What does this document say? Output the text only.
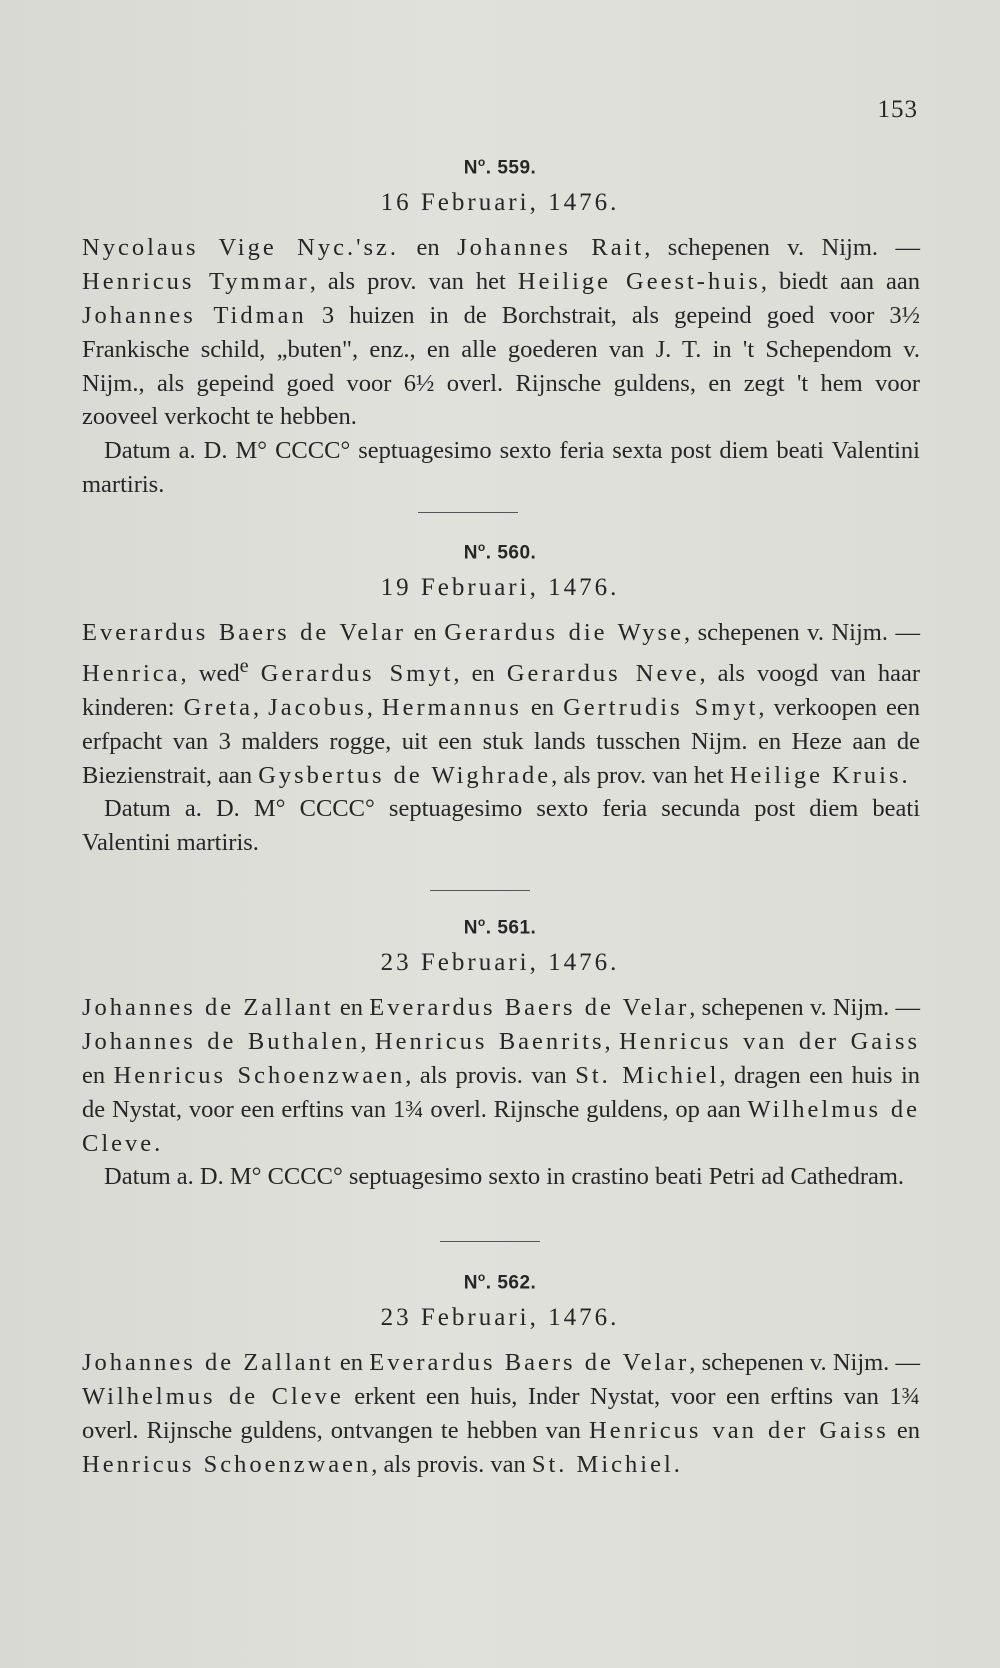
153
$N^o$. 559.
16 Februari, 1476.

Nycolaus Vige Nyc.'sz. en Johannes Rait, schepenen v. Nijm. — Henricus Tymmar, als prov. van het Heilige Geest-huis, biedt aan aan Johannes Tidman 3 huizen in de Borchstrait, als gepeind goed voor 3½ Frankische schild, „buten", enz., en alle goederen van J. T. in 't Schependom v. Nijm., als gepeind goed voor 6½ overl. Rijnsche guldens, en zegt 't hem voor zooveel verkocht te hebben.

Datum a. D. M° CCCC° septuagesimo sexto feria sexta post diem beati Valentini martiris.

$N^o$. 560.
19 Februari, 1476.

Everardus Baers de Velar en Gerardus die Wyse, schepenen v. Nijm. — Henrica, wed$^e$ Gerardus Smyt, en Gerardus Neve, als voogd van haar kinderen: Greta, Jacobus, Hermannus en Gertrudis Smyt, verkoopen een erfpacht van 3 malders rogge, uit een stuk lands tusschen Nijm. en Heze aan de Biezienstrait, aan Gysbertus de Wighrade, als prov. van het Heilige Kruis.

Datum a. D. M° CCCC° septuagesimo sexto feria secunda post diem beati Valentini martiris.

$N^o$. 561.
23 Februari, 1476.

Johannes de Zallant en Everardus Baers de Velar, schepenen v. Nijm. — Johannes de Buthalen, Henricus Baenrits, Henricus van der Gaiss en Henricus Schoenzwaen, als provis. van St. Michiel, dragen een huis in de Nystat, voor een erftins van 1¾ overl. Rijnsche guldens, op aan Wilhelmus de Cleve.

Datum a. D. M° CCCC° septuagesimo sexto in crastino beati Petri ad Cathedram.

$N^o$. 562.
23 Februari, 1476.

Johannes de Zallant en Everardus Baers de Velar, schepenen v. Nijm. — Wilhelmus de Cleve erkent een huis, Inder Nystat, voor een erftins van 1¾ overl. Rijnsche guldens, ontvangen te hebben van Henricus van der Gaiss en Henricus Schoenzwaen, als provis. van St. Michiel.
